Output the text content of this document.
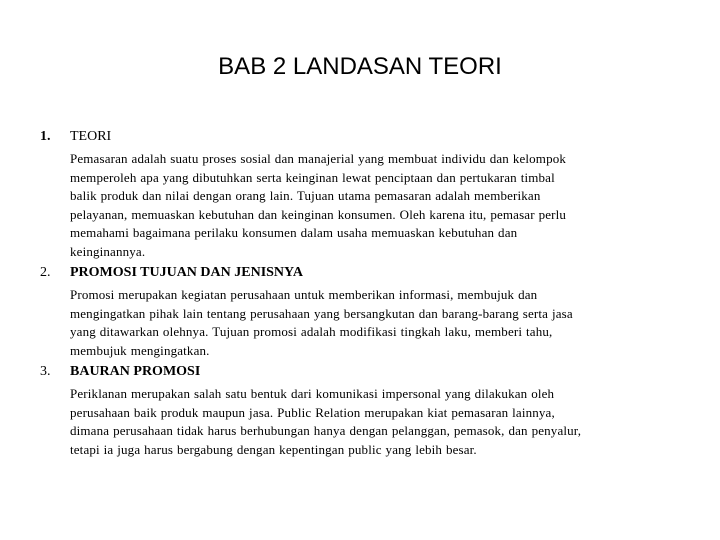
BAB 2 LANDASAN TEORI
1.	TEORI
Pemasaran adalah suatu proses sosial dan manajerial yang membuat individu dan kelompok
memperoleh apa yang dibutuhkan serta keinginan lewat penciptaan dan pertukaran timbal
balik produk dan nilai dengan orang lain. Tujuan utama pemasaran adalah memberikan
pelayanan, memuaskan kebutuhan dan keinginan konsumen. Oleh karena itu, pemasar perlu
memahami bagaimana perilaku konsumen dalam usaha memuaskan kebutuhan dan
keinginannya.
2.	PROMOSI TUJUAN DAN JENISNYA
Promosi merupakan kegiatan perusahaan untuk memberikan informasi, membujuk dan
mengingatkan pihak lain tentang perusahaan yang bersangkutan dan barang-barang serta jasa
yang ditawarkan olehnya. Tujuan promosi adalah modifikasi tingkah laku, memberi tahu,
membujuk mengingatkan.
3.	BAURAN PROMOSI
Periklanan merupakan salah satu bentuk dari komunikasi impersonal yang dilakukan oleh
perusahaan baik produk maupun jasa. Public Relation merupakan kiat pemasaran lainnya,
dimana perusahaan tidak harus berhubungan hanya dengan pelanggan, pemasok, dan penyalur,
tetapi ia juga harus bergabung dengan kepentingan public yang lebih besar.
